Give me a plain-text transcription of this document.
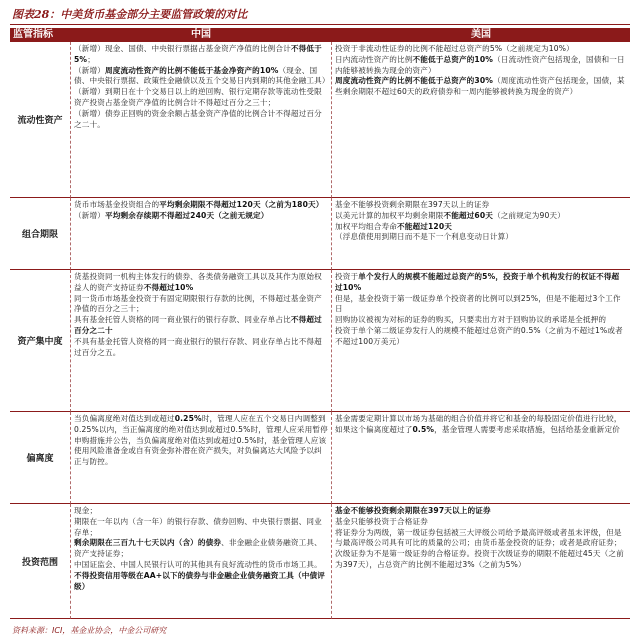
图表28：中美货币基金部分主要监管政策的对比
监管指标	中国	美国
流动性资产

（新增）现金、国债、中央银行票据占基金资产净值的比例合计不得低于5%；

（新增）周度流动性资产的比例不能低于基金净资产的10%（现金、国债、中央银行票据、政策性金融债以及五个交易日内到期的其他金融工具）

（新增）到期日在十个交易日以上的逆回购、银行定期存款等流动性受限资产投资占基金资产净值的比例合计不得超过百分之三十；

（新增）债券正回购的资金余额占基金资产净值的比例合计不得超过百分之二十。

投资于非流动性证券的比例不能超过总资产的5%（之前规定为10%）

日内流动性资产的比例不能低于总资产的10%（日流动性资产包括现金，国债和一日内能够被转换为现金的资产）

周度流动性资产的比例不能低于总资产的30%（周度流动性资产包括现金，国债，某些剩余期限不超过60天的政府债券和一周内能够被转换为现金的资产）

组合期限

货币市场基金投资组合的平均剩余期限不得超过120天（之前为180天）

（新增）平均剩余存续期不得超过240天（之前无规定）

基金不能够投资剩余期限在397天以上的证券

以美元计算的加权平均剩余期限不能超过60天（之前规定为90天）

加权平均组合寿命不能超过120天（浮息债使用到期日而不是下一个利息变动日计算）

资产集中度

货基投资同一机构主体发行的债券、各类债务融资工具以及其作为原始权益人的资产支持证券不得超过10%

同一货币市场基金投资于有固定期限银行存款的比例，不得超过基金资产净值的百分之三十；

具有基金托管人资格的同一商业银行的银行存款、同业存单占比不得超过百分之二十

不具有基金托管人资格的同一商业银行的银行存款、同业存单占比不得超过百分之五。

投资于单个发行人的规模不能超过总资产的5%，投资于单个机构发行的权证不得超过10%

但是，基金投资于第一级证券单个投资者的比例可以到25%，但是不能超过3个工作日

回购协议被视为对标的证券的购买，只要卖出方对于回购协议的承诺是全抵押的

投资于单个第二级证券发行人的规模不能超过总资产的0.5%（之前为不超过1%或者不超过100万美元）

偏离度

当负偏离度绝对值达到或超过0.25%时，管理人应在五个交易日内调整到0.25%以内，当正偏离度的绝对值达到或超过0.5%时，管理人应采用暂停申购措施并公告，当负偏离度绝对值达到或超过0.5%时，基金管理人应该使用风险准备金或自有资金弥补潜在资产损失，对负偏离达大风险予以纠正与防控。

基金需要定期计算以市场为基础的组合价值并将它和基金的每股固定价值进行比较，如果这个偏离度超过了0.5%，基金管理人需要考虑采取措施，包括给基金重新定价

投资范围

现金；

期限在一年以内（含一年）的银行存款、债券回购、中央银行票据、同业存单；

剩余期限在三百九十七天以内（含）的债券、非金融企业债务融资工具、资产支持证券；

中国证监会、中国人民银行认可的其他具有良好流动性的货币市场工具。

不得投资信用等级在AA+以下的债券与非金融企业债务融资工具（中债评级）

基金不能够投资剩余期限在397天以上的证券

基金只能够投资于合格证券

将证券分为两级，第一级证券包括被三大评级公司给予最高评级或者虽未评级，但是与最高评级公司具有可比的质量的公司；由货币基金投资的证券；或者是政府证券；次级证券为不是第一级证券的合格证券。投资于次级证券的期限不能超过45天（之前为397天），占总资产的比例不能超过3%（之前为5%）

资料来源：ICI，基金业协会，中金公司研究
